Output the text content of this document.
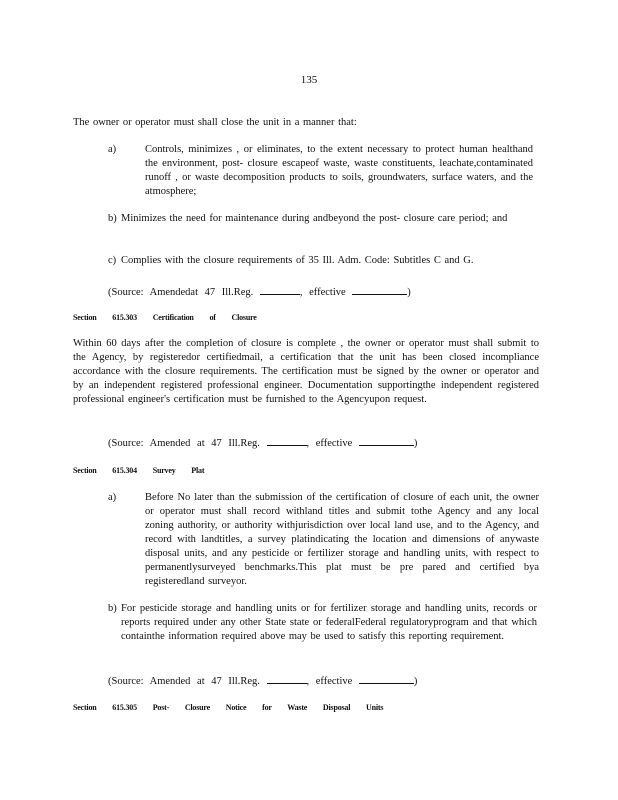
135
The owner or operator must shall close the unit in a manner that:
a)	Controls, minimizes , or eliminates, to the extent necessary to protect human healthand the environment, post- closure escapeof waste, waste constituents, leachate,contaminated runoff , or waste decomposition products to soils, groundwaters, surface waters, and the atmosphere;
b) Minimizes the need for maintenance during andbeyond the post- closure care period; and
c) Complies with the closure requirements of 35 Ill. Adm. Code: Subtitles C and G.
(Source: Amendedat 47 Ill.Reg.	, effective	)
Section 615.303 Certification of Closure
Within 60 days after the completion of closure is complete , the owner or operator must shall submit to the Agency, by registeredor certifiedmail, a certification that the unit has been closed incompliance accordance with the closure requirements. The certification must be signed by the owner or operator and by an independent registered professional engineer. Documentation supportingthe independent registered professional engineer's certification must be furnished to the Agencyupon request.
(Source: Amended at 47 Ill.Reg.	, effective	)
Section 615.304 Survey Plat
a)	Before No later than the submission of the certification of closure of each unit, the owner or operator must shall record withland titles and submit tothe Agency and any local zoning authority, or authority withjurisdiction over local land use, and to the Agency, and record with landtitles, a survey platindicating the location and dimensions of anywaste disposal units, and any pesticide or fertilizer storage and handling units, with respect to permanentlysurveyed benchmarks.This plat must be pre pared and certified bya registeredland surveyor.
b) For pesticide storage and handling units or for fertilizer storage and handling units, records or reports required under any other State state or federalFederal regulatoryprogram and that which containthe information required above may be used to satisfy this reporting requirement.
(Source: Amended at 47 Ill.Reg.	, effective	)
Section 615.305 Post- Closure Notice for Waste Disposal Units
